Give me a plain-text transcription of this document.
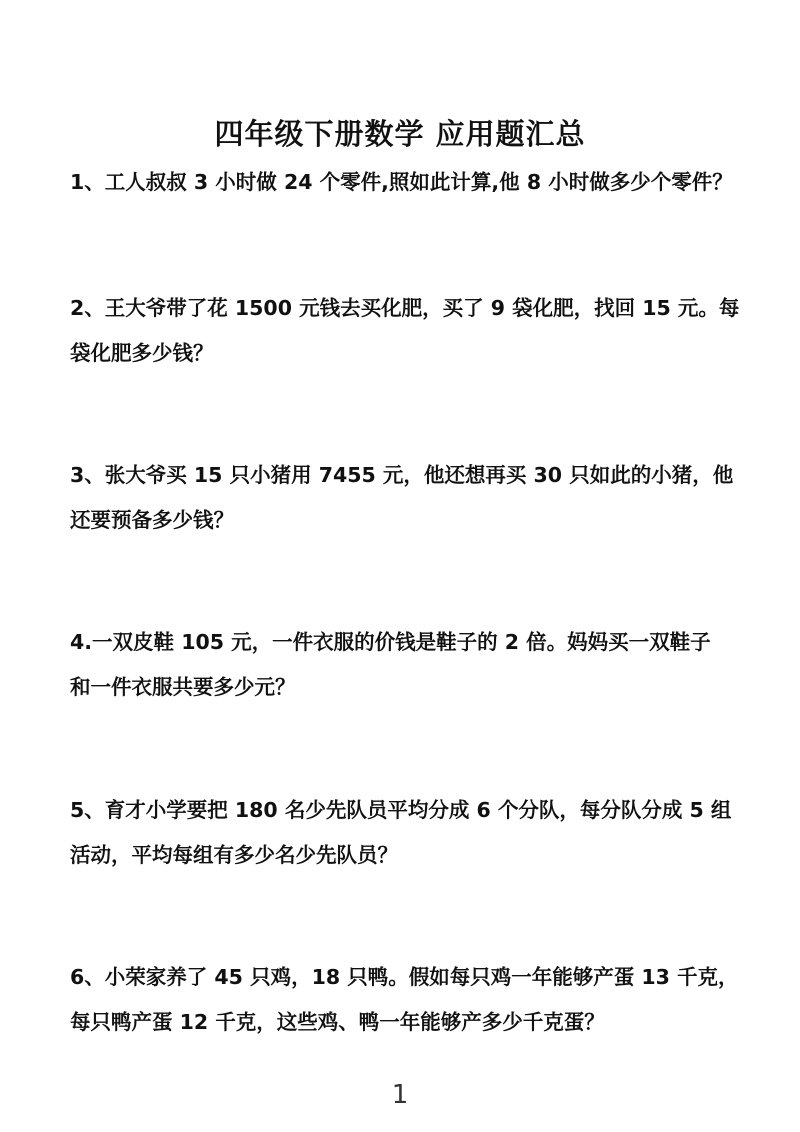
四年级下册数学 应用题汇总
1、工人叔叔 3 小时做 24 个零件,照如此计算,他 8 小时做多少个零件？
2、王大爷带了花 1500 元钱去买化肥，买了 9 袋化肥，找回 15 元。每
袋化肥多少钱？
3、张大爷买 15 只小猪用 7455 元，他还想再买 30 只如此的小猪，他
还要预备多少钱？
4.一双皮鞋 105 元，一件衣服的价钱是鞋子的 2 倍。妈妈买一双鞋子
和一件衣服共要多少元？
5、育才小学要把 180 名少先队员平均分成 6 个分队，每分队分成 5 组
活动，平均每组有多少名少先队员？
6、小荣家养了 45 只鸡，18 只鸭。假如每只鸡一年能够产蛋 13 千克，
每只鸭产蛋 12 千克，这些鸡、鸭一年能够产多少千克蛋？
1
